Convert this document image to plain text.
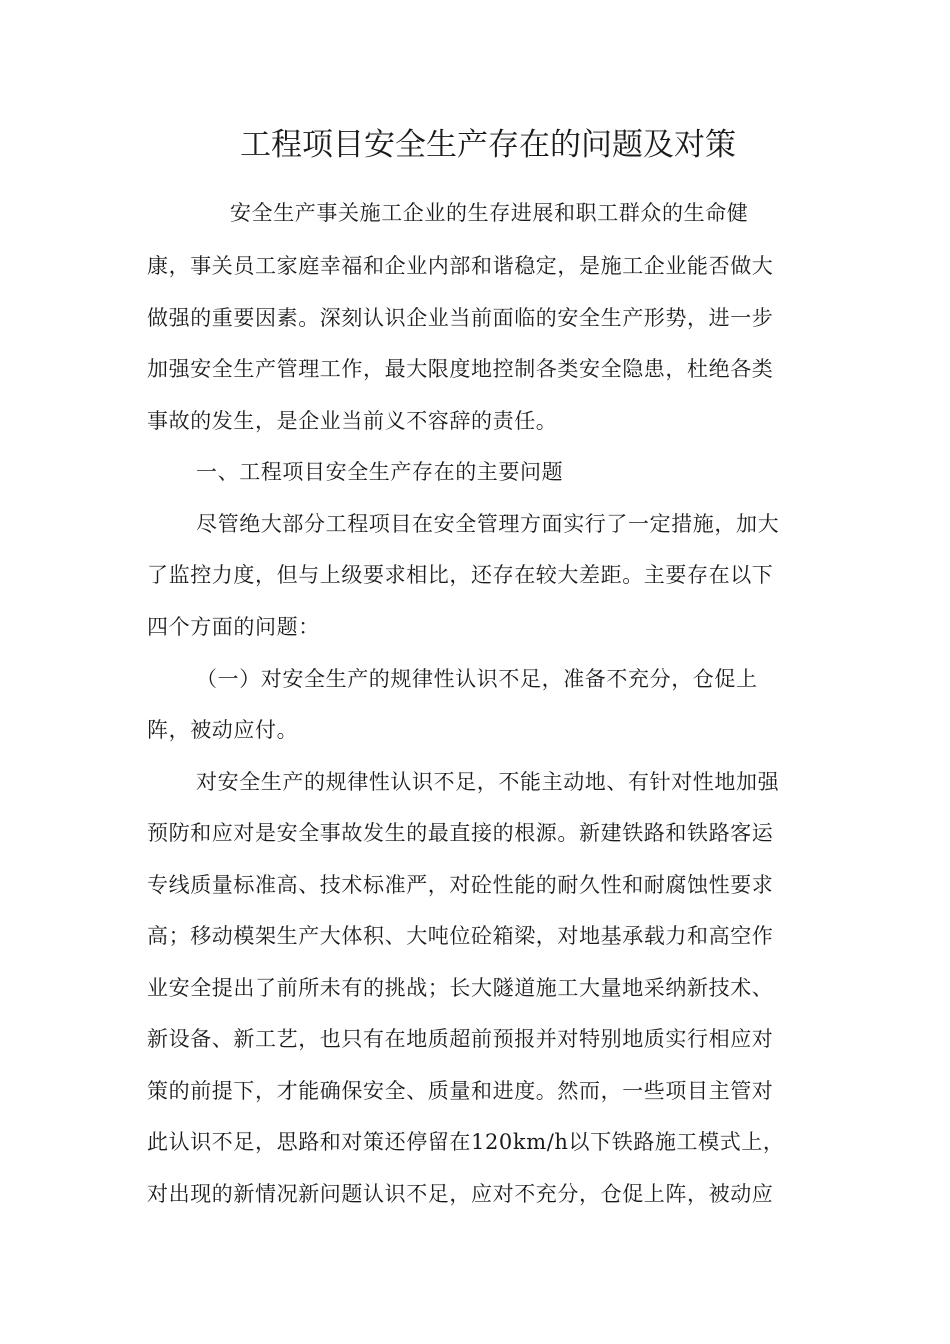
工程项目安全生产存在的问题及对策
安全生产事关施工企业的生存进展和职工群众的生命健
康，事关员工家庭幸福和企业内部和谐稳定，是施工企业能否做大
做强的重要因素。深刻认识企业当前面临的安全生产形势，进一步
加强安全生产管理工作，最大限度地控制各类安全隐患，杜绝各类
事故的发生，是企业当前义不容辞的责任。
一、工程项目安全生产存在的主要问题
尽管绝大部分工程项目在安全管理方面实行了一定措施，加大
了监控力度，但与上级要求相比，还存在较大差距。主要存在以下
四个方面的问题：
（一）对安全生产的规律性认识不足，准备不充分，仓促上
阵，被动应付。
对安全生产的规律性认识不足，不能主动地、有针对性地加强
预防和应对是安全事故发生的最直接的根源。新建铁路和铁路客运
专线质量标准高、技术标准严，对砼性能的耐久性和耐腐蚀性要求
高；移动模架生产大体积、大吨位砼箱梁，对地基承载力和高空作
业安全提出了前所未有的挑战；长大隧道施工大量地采纳新技术、
新设备、新工艺，也只有在地质超前预报并对特别地质实行相应对
策的前提下，才能确保安全、质量和进度。然而，一些项目主管对
此认识不足，思路和对策还停留在120km/h以下铁路施工模式上，
对出现的新情况新问题认识不足，应对不充分，仓促上阵，被动应
